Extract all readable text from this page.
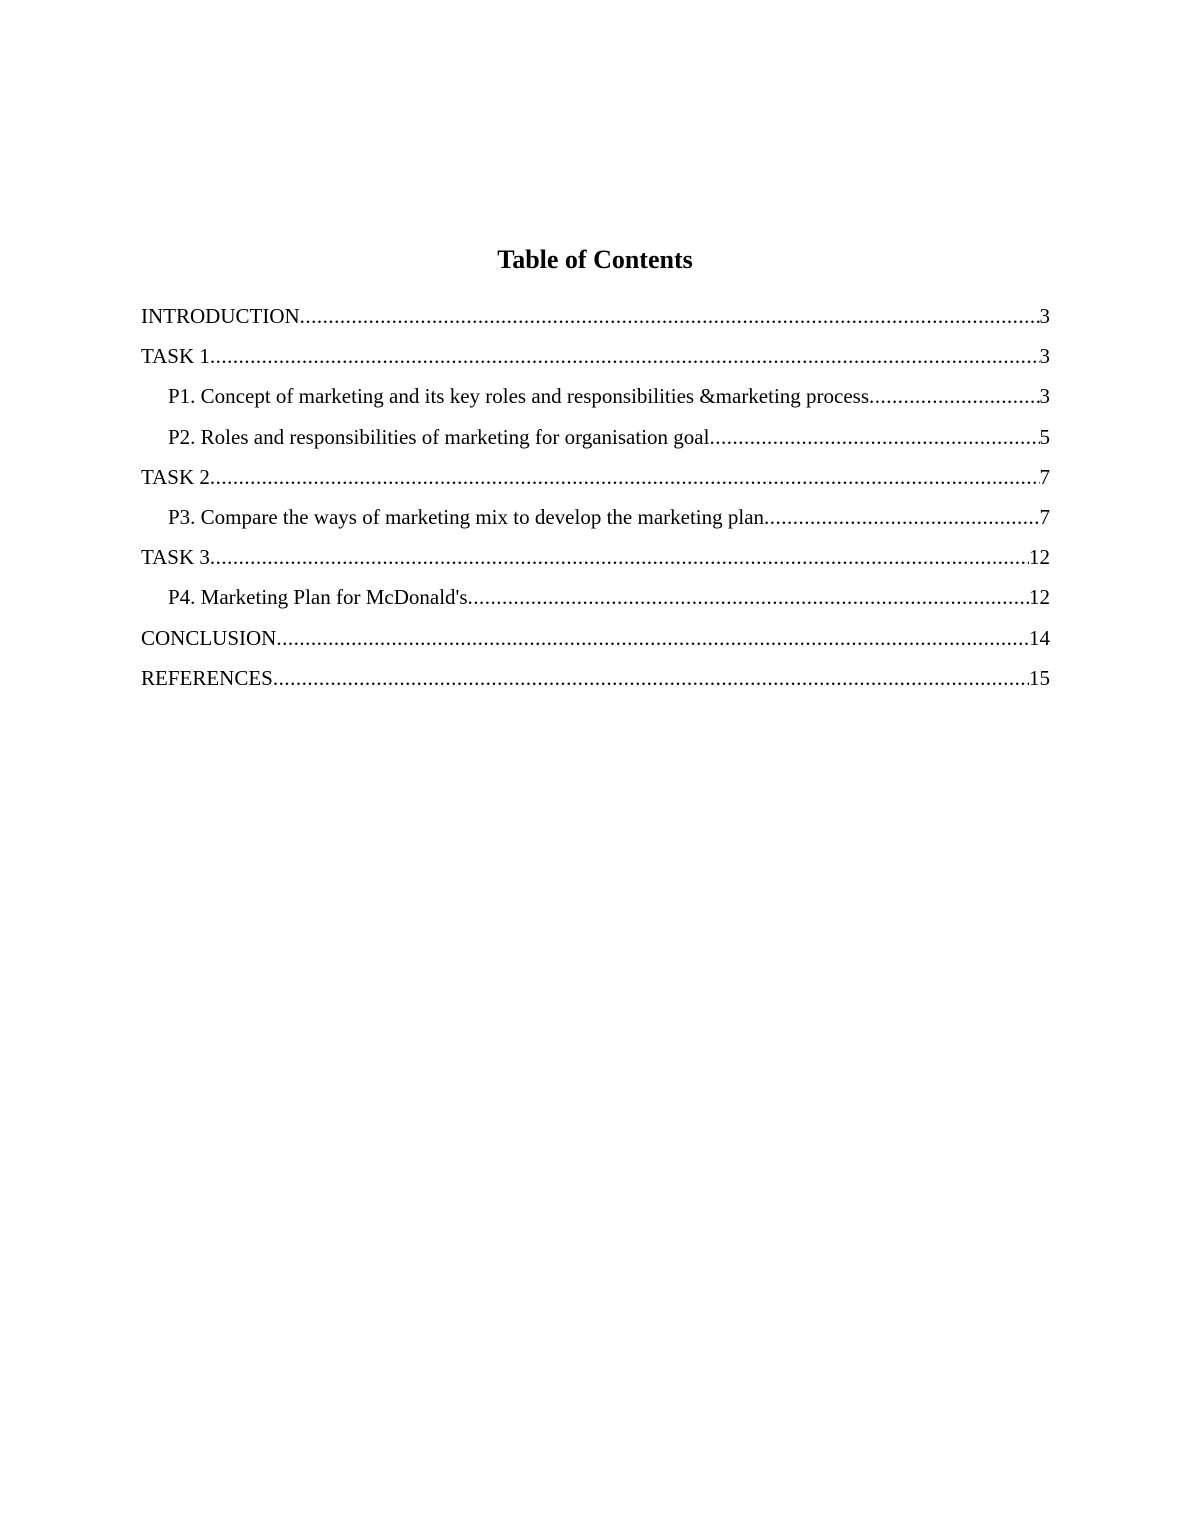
Table of Contents
INTRODUCTION .....	3
TASK 1 .....	3
P1. Concept of marketing and its key roles and responsibilities &marketing process .....	3
P2. Roles and responsibilities of marketing for organisation goal .....	5
TASK 2 .....	7
P3. Compare the ways of marketing mix to develop the marketing plan .....	7
TASK 3 .....	12
P4. Marketing Plan for McDonald's .....	12
CONCLUSION .....	14
REFERENCES .....	15
